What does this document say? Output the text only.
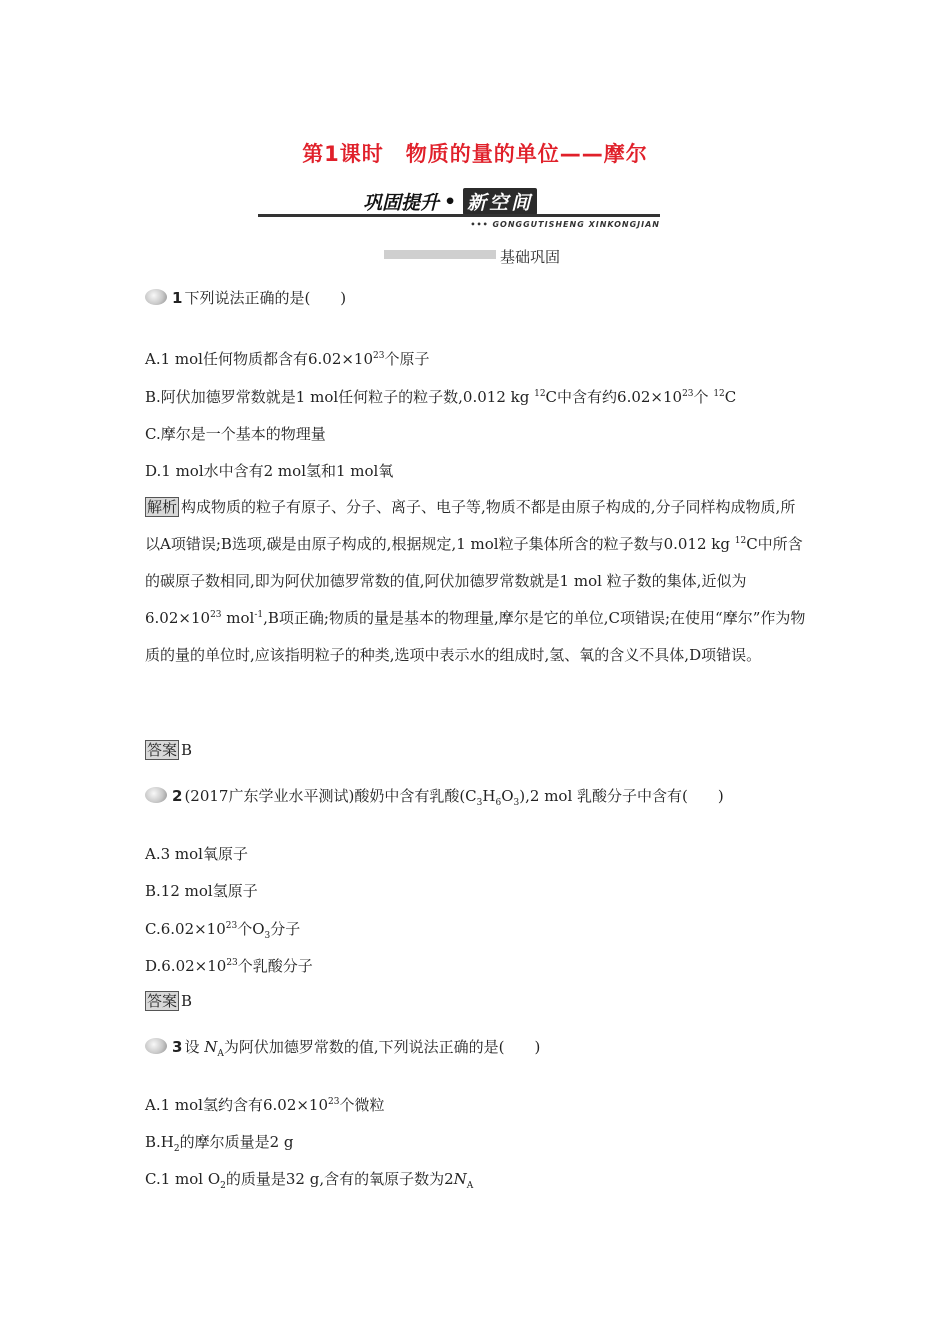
第1课时　物质的量的单位——摩尔
巩固提升 • 新空间
••• GONGGUTISHENG XINKONGJIAN
基础巩固
1 下列说法正确的是(　　)
A.1 mol任何物质都含有$6.02\times 10^{23}$个原子
B.阿伏加德罗常数就是1 mol任何粒子的粒子数,0.012 kg $^{12}$C中含有约$6.02\times 10^{23}$个 $^{12}$C
C.摩尔是一个基本的物理量
D.1 mol水中含有2 mol氢和1 mol氧
解析 构成物质的粒子有原子、分子、离子、电子等,物质不都是由原子构成的,分子同样构成物质,所以A项错误;B选项,碳是由原子构成的,根据规定,1 mol粒子集体所含的粒子数与0.012 kg $^{12}$C中所含的碳原子数相同,即为阿伏加德罗常数的值,阿伏加德罗常数就是1 mol 粒子数的集体,近似为$6.02\times 10^{23}$ mol$^{-1}$,B项正确;物质的量是基本的物理量,摩尔是它的单位,C项错误;在使用“摩尔”作为物质的量的单位时,应该指明粒子的种类,选项中表示水的组成时,氢、氧的含义不具体,D项错误。
答案 B
2 (2017广东学业水平测试)酸奶中含有乳酸$(C_3H_6O_3),2$ mol 乳酸分子中含有(　　)
A.3 mol氧原子
B.12 mol氢原子
$C.6.02\times 10^{23}$个$O_3$分子
$D.6.02\times 10^{23}$个乳酸分子
答案 B
3 设 $N_A$为阿伏加德罗常数的值,下列说法正确的是(　　)
A.1 mol氢约含有$6.02\times 10^{23}$个微粒
$B.H_2$的摩尔质量是2 g
C.1 mol $O_2$的质量是32 g,含有的氧原子数为$2N_A$
